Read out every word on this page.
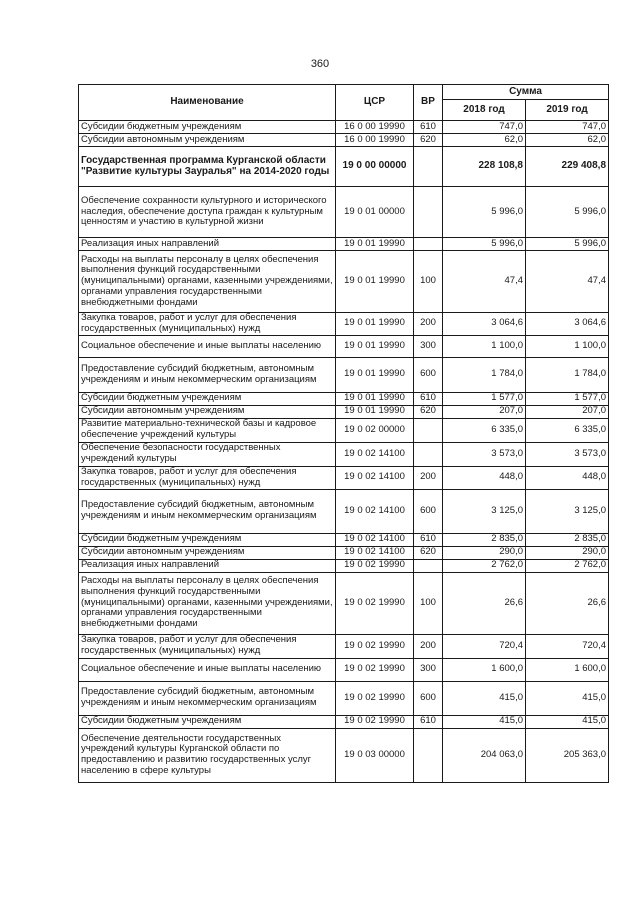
360
Наименование	ЦСР	ВР	Сумма	
			2018 год	2019 год
Субсидии бюджетным учреждениям	16 0 00 19990	610	747,0	747,0
Субсидии автономным учреждениям	16 0 00 19990	620	62,0	62,0
Государственная программа Курганской области "Развитие культуры Зауралья" на 2014-2020 годы	19 0 00 00000		228 108,8	229 408,8
Обеспечение сохранности культурного и исторического наследия, обеспечение доступа граждан к культурным ценностям и участию в культурной жизни	19 0 01 00000		5 996,0	5 996,0
Реализация иных направлений	19 0 01 19990		5 996,0	5 996,0
Расходы на выплаты персоналу в целях обеспечения выполнения функций государственными (муниципальными) органами, казенными учреждениями, органами управления государственными внебюджетными фондами	19 0 01 19990	100	47,4	47,4
Закупка товаров, работ и услуг для обеспечения государственных (муниципальных) нужд	19 0 01 19990	200	3 064,6	3 064,6
Социальное обеспечение и иные выплаты населению	19 0 01 19990	300	1 100,0	1 100,0
Предоставление субсидий бюджетным, автономным учреждениям и иным некоммерческим организациям	19 0 01 19990	600	1 784,0	1 784,0
Субсидии бюджетным учреждениям	19 0 01 19990	610	1 577,0	1 577,0
Субсидии автономным учреждениям	19 0 01 19990	620	207,0	207,0
Развитие материально-технической базы и кадровое обеспечение учреждений культуры	19 0 02 00000		6 335,0	6 335,0
Обеспечение безопасности государственных учреждений культуры	19 0 02 14100		3 573,0	3 573,0
Закупка товаров, работ и услуг для обеспечения государственных (муниципальных) нужд	19 0 02 14100	200	448,0	448,0
Предоставление субсидий бюджетным, автономным учреждениям и иным некоммерческим организациям	19 0 02 14100	600	3 125,0	3 125,0
Субсидии бюджетным учреждениям	19 0 02 14100	610	2 835,0	2 835,0
Субсидии автономным учреждениям	19 0 02 14100	620	290,0	290,0
Реализация иных направлений	19 0 02 19990		2 762,0	2 762,0
Расходы на выплаты персоналу в целях обеспечения выполнения функций государственными (муниципальными) органами, казенными учреждениями, органами управления государственными внебюджетными фондами	19 0 02 19990	100	26,6	26,6
Закупка товаров, работ и услуг для обеспечения государственных (муниципальных) нужд	19 0 02 19990	200	720,4	720,4
Социальное обеспечение и иные выплаты населению	19 0 02 19990	300	1 600,0	1 600,0
Предоставление субсидий бюджетным, автономным учреждениям и иным некоммерческим организациям	19 0 02 19990	600	415,0	415,0
Субсидии бюджетным учреждениям	19 0 02 19990	610	415,0	415,0
Обеспечение деятельности государственных учреждений культуры Курганской области по предоставлению и развитию государственных услуг населению в сфере культуры	19 0 03 00000		204 063,0	205 363,0
